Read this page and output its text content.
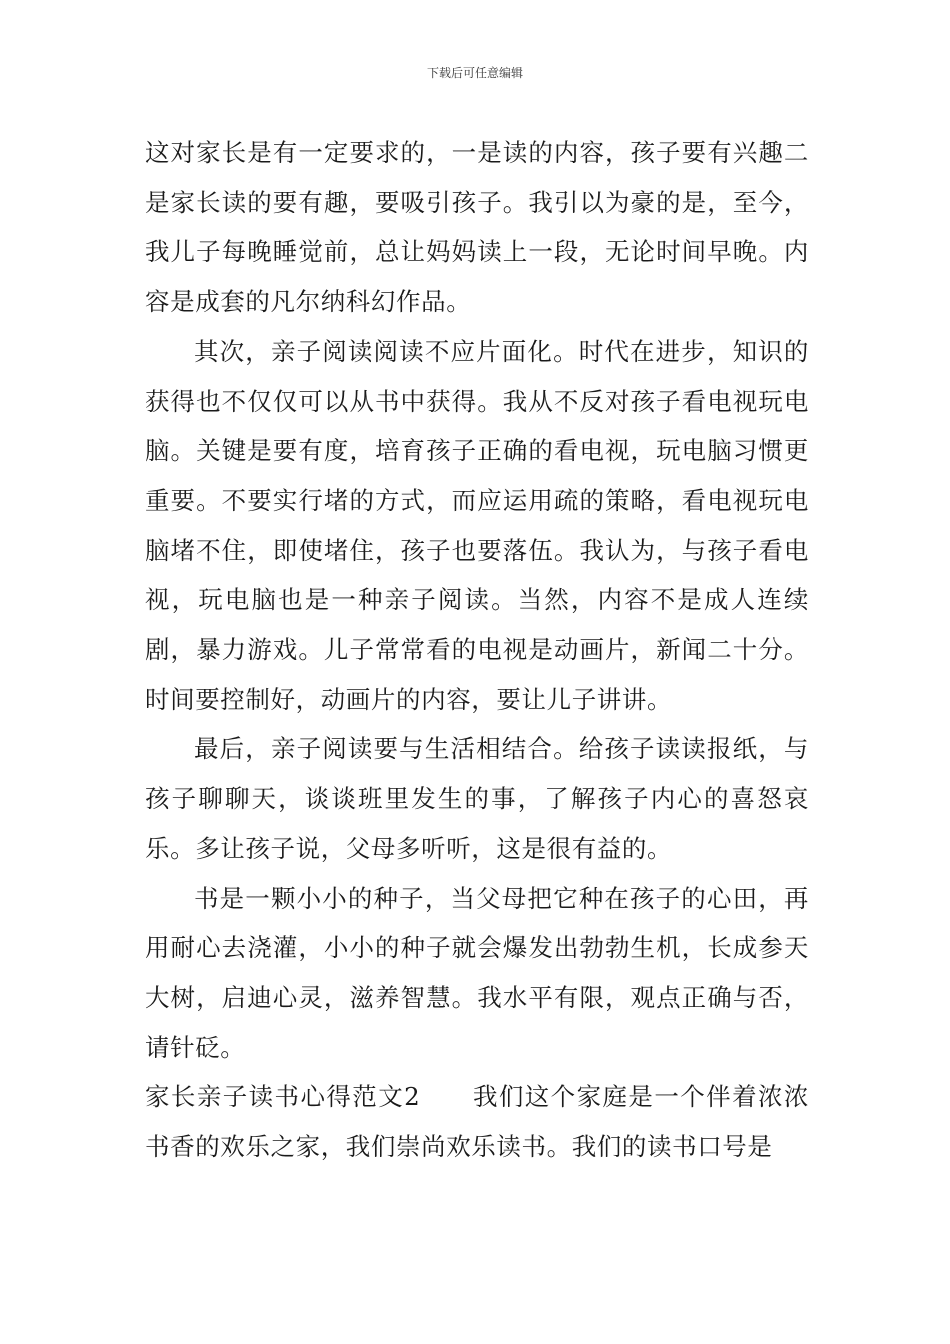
下载后可任意编辑

这对家长是有一定要求的，一是读的内容，孩子要有兴趣二是家长读的要有趣，要吸引孩子。我引以为豪的是，至今，我儿子每晚睡觉前，总让妈妈读上一段，无论时间早晚。内容是成套的凡尔纳科幻作品。

其次，亲子阅读阅读不应片面化。时代在进步，知识的获得也不仅仅可以从书中获得。我从不反对孩子看电视玩电脑。关键是要有度，培育孩子正确的看电视，玩电脑习惯更重要。不要实行堵的方式，而应运用疏的策略，看电视玩电脑堵不住，即使堵住，孩子也要落伍。我认为，与孩子看电视，玩电脑也是一种亲子阅读。当然，内容不是成人连续剧，暴力游戏。儿子常常看的电视是动画片，新闻二十分。时间要控制好，动画片的内容，要让儿子讲讲。

最后，亲子阅读要与生活相结合。给孩子读读报纸，与孩子聊聊天，谈谈班里发生的事，了解孩子内心的喜怒哀乐。多让孩子说，父母多听听，这是很有益的。

书是一颗小小的种子，当父母把它种在孩子的心田，再用耐心去浇灌，小小的种子就会爆发出勃勃生机，长成参天大树，启迪心灵，滋养智慧。我水平有限，观点正确与否，请针砭。

家长亲子读书心得范文2　　我们这个家庭是一个伴着浓浓书香的欢乐之家，我们崇尚欢乐读书。我们的读书口号是
